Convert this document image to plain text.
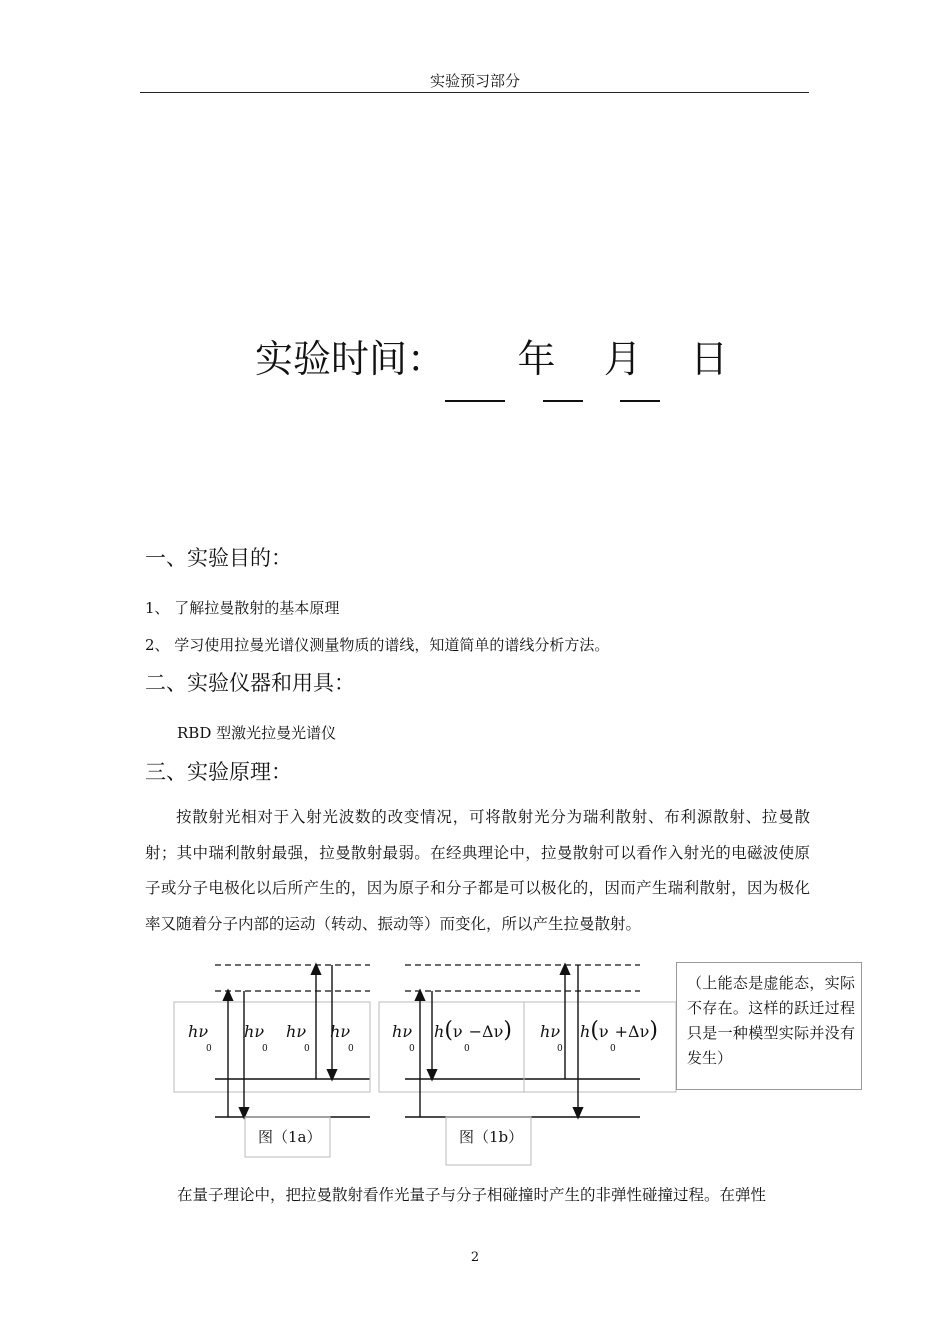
实验预习部分
实验时间：      年    月    日
一、实验目的：
1、 了解拉曼散射的基本原理
2、 学习使用拉曼光谱仪测量物质的谱线，知道简单的谱线分析方法。
二、实验仪器和用具：
RBD 型激光拉曼光谱仪
三、实验原理：
按散射光相对于入射光波数的改变情况，可将散射光分为瑞利散射、布利源散射、拉曼散射；其中瑞利散射最强，拉曼散射最弱。在经典理论中，拉曼散射可以看作入射光的电磁波使原子或分子电极化以后所产生的，因为原子和分子都是可以极化的，因而产生瑞利散射，因为极化率又随着分子内部的运动（转动、振动等）而变化，所以产生拉曼散射。
hν
0
hν
0
hν
0
hν
0
hν
0
h(ν −Δν)
0
hν
0
h(ν +Δν)
0
图（1a）	图（1b）
（上能态是虚能态，实际不存在。这样的跃迁过程只是一种模型实际并没有发生）
在量子理论中，把拉曼散射看作光量子与分子相碰撞时产生的非弹性碰撞过程。在弹性
2
